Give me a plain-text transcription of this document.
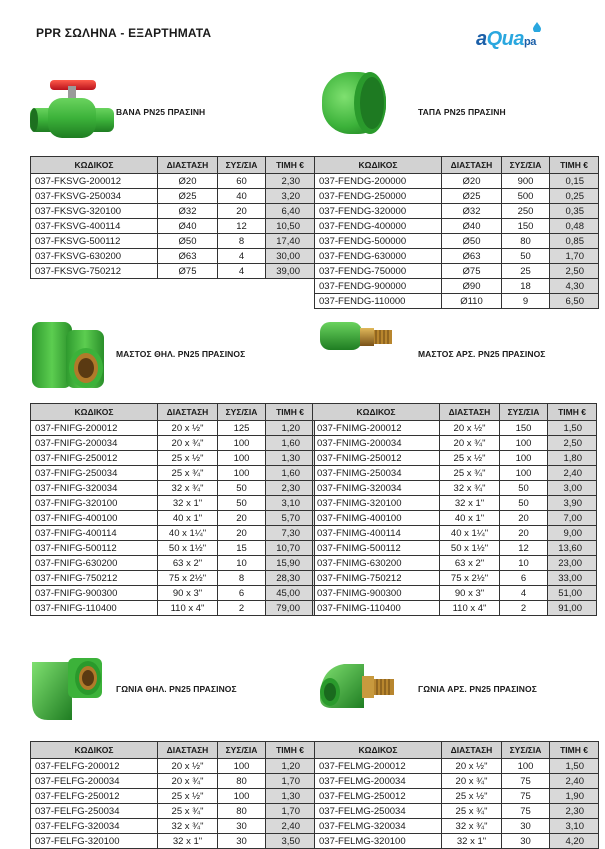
PPR ΣΩΛΗΝΑ - ΕΞΑΡΤΗΜΑΤΑ	aQuapa
ΒΑΝΑ PN25 ΠΡΑΣΙΝΗ	ΤΑΠΑ PN25 ΠΡΑΣΙΝΗ
ΜΑΣΤΟΣ ΘΗΛ. PN25 ΠΡΑΣΙΝΟΣ	ΜΑΣΤΟΣ ΑΡΣ. PN25 ΠΡΑΣΙΝΟΣ
ΓΩΝΙΑ ΘΗΛ. PN25 ΠΡΑΣΙΝΟΣ	ΓΩΝΙΑ ΑΡΣ. PN25 ΠΡΑΣΙΝΟΣ
ΚΩΔΙΚΟΣ	ΔΙΑΣΤΑΣΗ	ΣΥΣ/ΣΙΑ	ΤΙΜΗ €
037-FKSVG-200012	Ø20	60	2,30
037-FKSVG-250034	Ø25	40	3,20
037-FKSVG-320100	Ø32	20	6,40
037-FKSVG-400114	Ø40	12	10,50
037-FKSVG-500112	Ø50	8	17,40
037-FKSVG-630200	Ø63	4	30,00
037-FKSVG-750212	Ø75	4	39,00
ΚΩΔΙΚΟΣ	ΔΙΑΣΤΑΣΗ	ΣΥΣ/ΣΙΑ	ΤΙΜΗ €
037-FENDG-200000	Ø20	900	0,15
037-FENDG-250000	Ø25	500	0,25
037-FENDG-320000	Ø32	250	0,35
037-FENDG-400000	Ø40	150	0,48
037-FENDG-500000	Ø50	80	0,85
037-FENDG-630000	Ø63	50	1,70
037-FENDG-750000	Ø75	25	2,50
037-FENDG-900000	Ø90	18	4,30
037-FENDG-110000	Ø110	9	6,50
ΚΩΔΙΚΟΣ	ΔΙΑΣΤΑΣΗ	ΣΥΣ/ΣΙΑ	ΤΙΜΗ €
037-FNIFG-200012	20 x ½"	125	1,20
037-FNIFG-200034	20 x ¾"	100	1,60
037-FNIFG-250012	25 x ½"	100	1,30
037-FNIFG-250034	25 x ¾"	100	1,60
037-FNIFG-320034	32 x ¾"	50	2,30
037-FNIFG-320100	32 x 1"	50	3,10
037-FNIFG-400100	40 x 1"	20	5,70
037-FNIFG-400114	40 x 1¼"	20	7,30
037-FNIFG-500112	50 x 1½"	15	10,70
037-FNIFG-630200	63 x 2"	10	15,90
037-FNIFG-750212	75 x 2½"	8	28,30
037-FNIFG-900300	90 x 3"	6	45,00
037-FNIFG-110400	110 x 4"	2	79,00
ΚΩΔΙΚΟΣ	ΔΙΑΣΤΑΣΗ	ΣΥΣ/ΣΙΑ	ΤΙΜΗ €
037-FNIMG-200012	20 x ½"	150	1,50
037-FNIMG-200034	20 x ¾"	100	2,50
037-FNIMG-250012	25 x ½"	100	1,80
037-FNIMG-250034	25 x ¾"	100	2,40
037-FNIMG-320034	32 x ¾"	50	3,00
037-FNIMG-320100	32 x 1"	50	3,90
037-FNIMG-400100	40 x 1"	20	7,00
037-FNIMG-400114	40 x 1¼"	20	9,00
037-FNIMG-500112	50 x 1½"	12	13,60
037-FNIMG-630200	63 x 2"	10	23,00
037-FNIMG-750212	75 x 2½"	6	33,00
037-FNIMG-900300	90 x 3"	4	51,00
037-FNIMG-110400	110 x 4"	2	91,00
ΚΩΔΙΚΟΣ	ΔΙΑΣΤΑΣΗ	ΣΥΣ/ΣΙΑ	ΤΙΜΗ €
037-FELFG-200012	20 x ½"	100	1,20
037-FELFG-200034	20 x ¾"	80	1,70
037-FELFG-250012	25 x ½"	100	1,30
037-FELFG-250034	25 x ¾"	80	1,70
037-FELFG-320034	32 x ¾"	30	2,40
037-FELFG-320100	32 x 1"	30	3,50
ΚΩΔΙΚΟΣ	ΔΙΑΣΤΑΣΗ	ΣΥΣ/ΣΙΑ	ΤΙΜΗ €
037-FELMG-200012	20 x ½"	100	1,50
037-FELMG-200034	20 x ¾"	75	2,40
037-FELMG-250012	25 x ½"	75	1,90
037-FELMG-250034	25 x ¾"	75	2,30
037-FELMG-320034	32 x ¾"	30	3,10
037-FELMG-320100	32 x 1"	30	4,20
